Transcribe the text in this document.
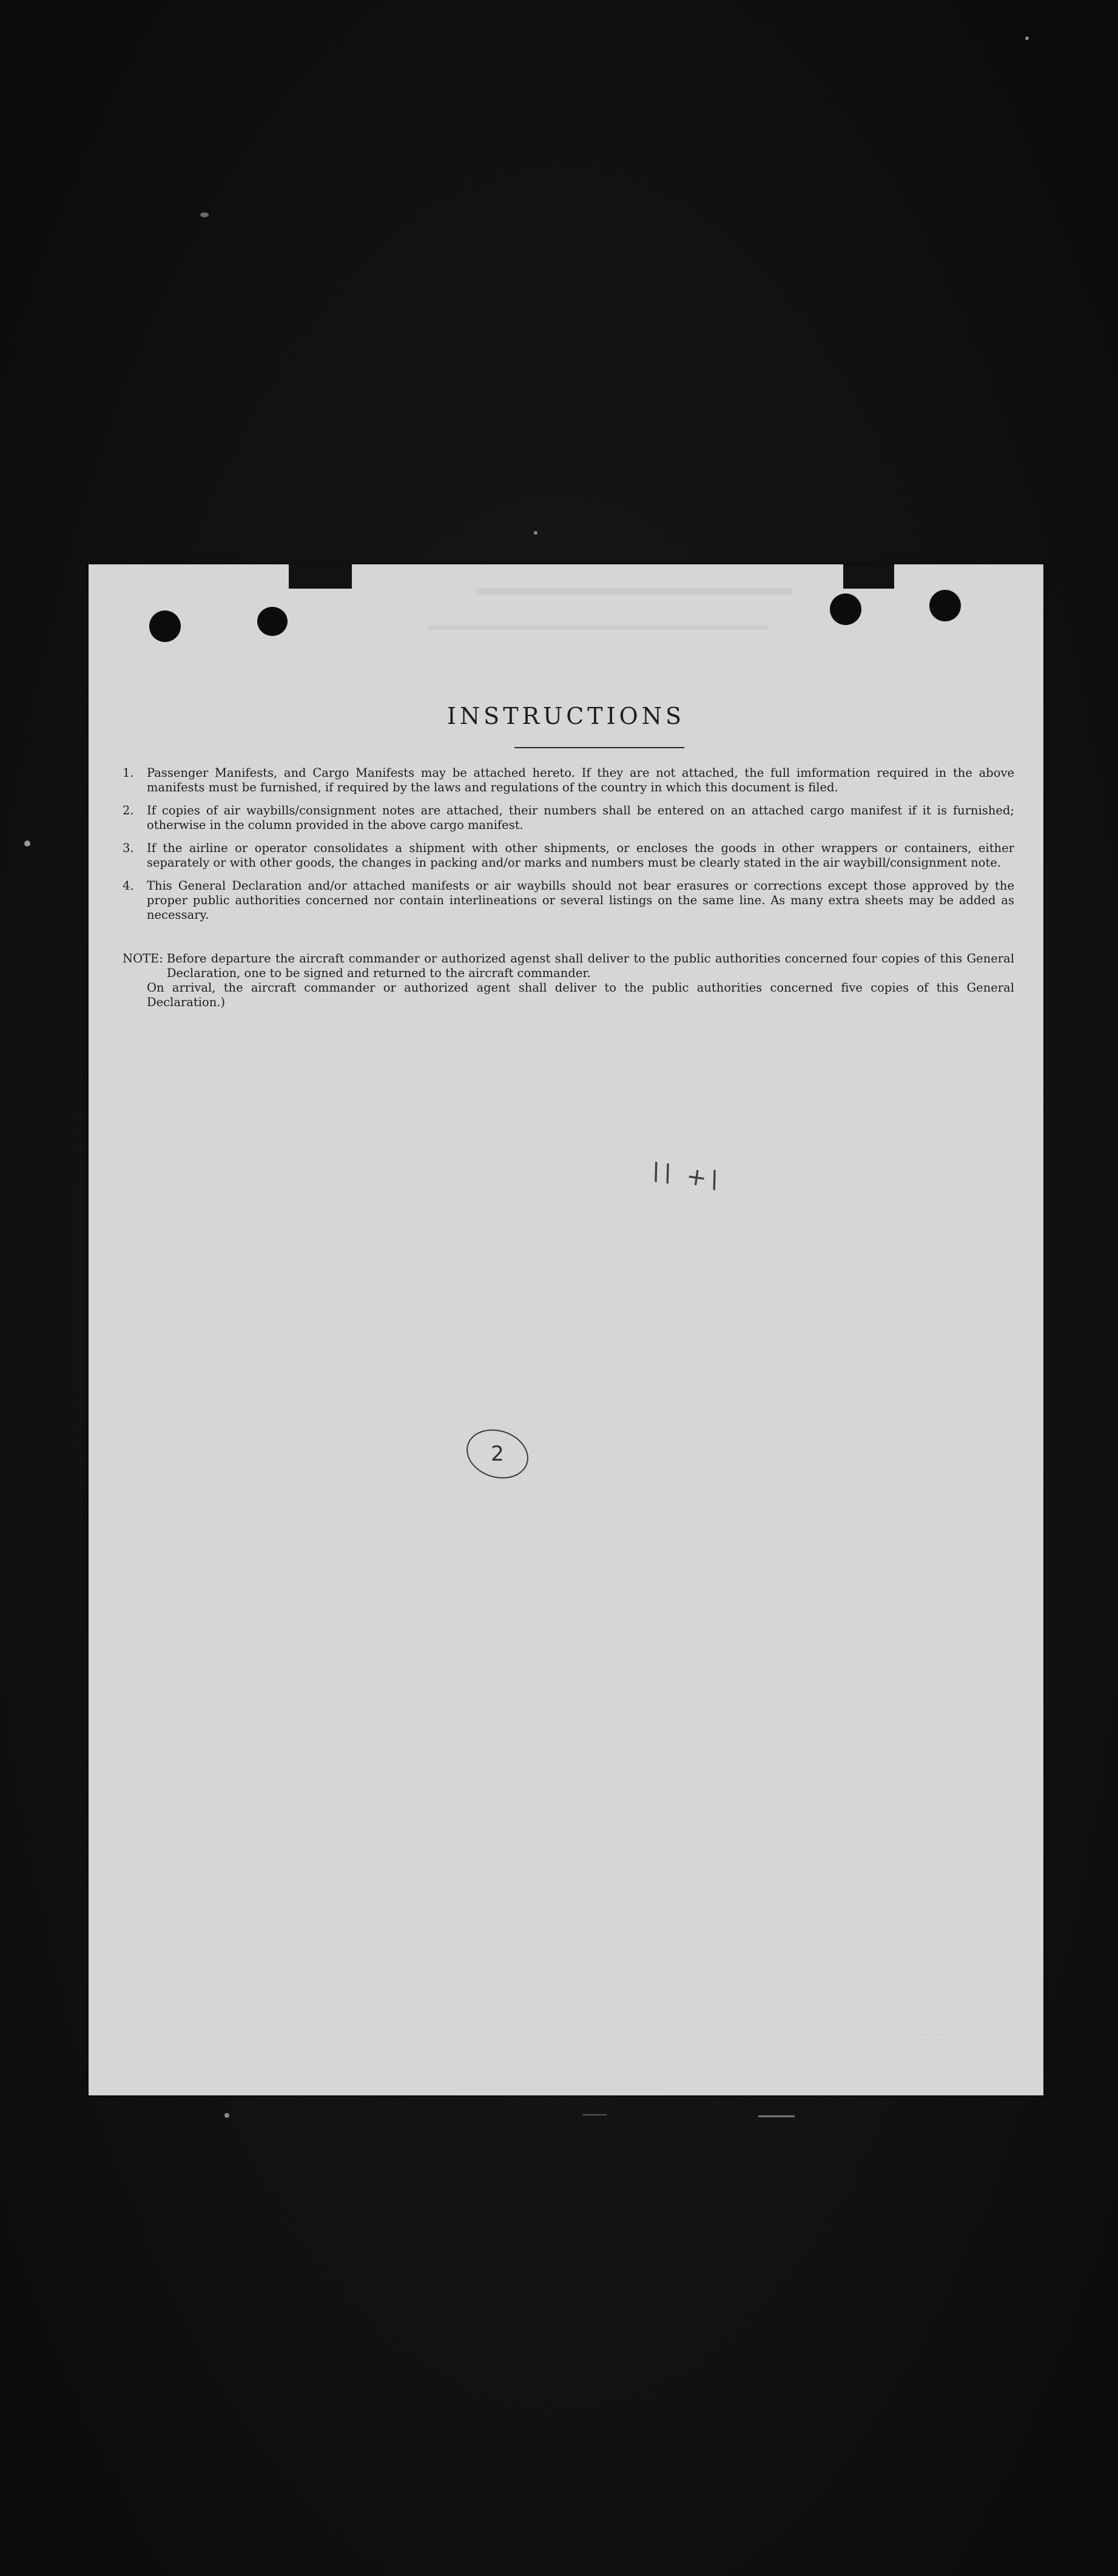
INSTRUCTIONS
1.	Passenger Manifests, and Cargo Manifests may be attached hereto. If they are not attached, the full imformation required in the above manifests must be furnished, if required by the laws and regulations of the country in which this document is filed.
2.	If copies of air waybills/consignment notes are attached, their numbers shall be entered on an attached cargo manifest if it is furnished; otherwise in the column provided in the above cargo manifest.
3.	If the airline or operator consolidates a shipment with other shipments, or encloses the goods in other wrappers or containers, either separately or with other goods, the changes in packing and/or marks and numbers must be clearly stated in the air waybill/consignment note.
4.	This General Declaration and/or attached manifests or air waybills should not bear erasures or corrections except those approved by the proper public authorities concerned nor contain interlineations or several listings on the same line. As many extra sheets may be added as necessary.
NOTE: Before departure the aircraft commander or authorized agenst shall deliver to the public authorities concerned four copies of this General Declaration, one to be signed and returned to the aircraft commander.
On arrival, the aircraft commander or authorized agent shall deliver to the public authorities concerned five copies of this General Declaration.)
\\ +\
2
· · · · · · ·
